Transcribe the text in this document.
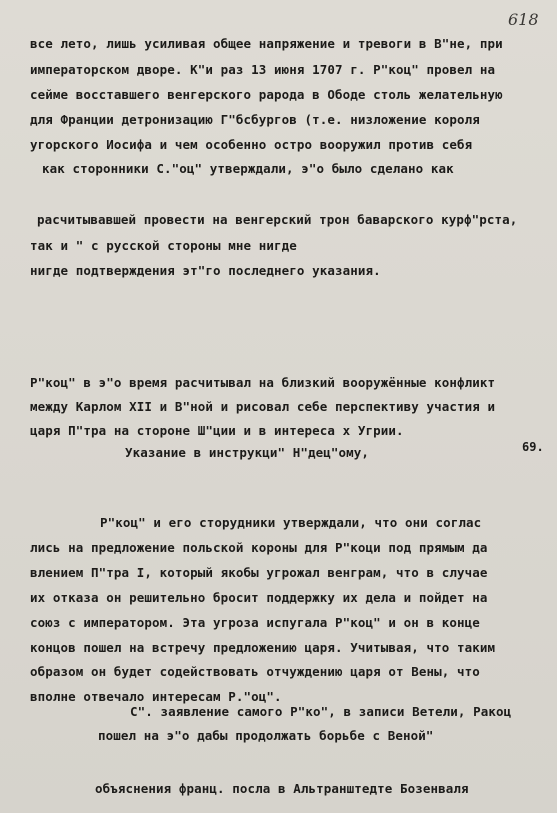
618
все лето, лишь усиливая общее напряжение и тревоги в В"не, при
императорском дворе. К"и раз 13 июня 1707 г. Р"коц" провел на
сейме восставшего венгерского рарода в Ободе столь желательную
для Франции детронизацию Г"бсбургов (т.е. низложение короля
угорского Иосифа и чем особенно остро вооружил против себя
как сторонники С."оц" утверждали, э"о было сделано как
расчитывавшей провести на венгерский трон баварского курф"рста,
так и " с русской стороны мне нигде
нигде подтверждения эт"го последнего указания.
Р"коц" в э"о время расчитывал на близкий вооружённые конфликт
между Карлом XII и В"ной и рисовал себе перспективу участия и
царя П"тра на стороне Ш"ции и в интереса х Угрии.
Указание в инструкци" Н"дец"ому,	69.
Р"коц" и его сторудники утверждали, что они соглас
лись на предложение польской короны для Р"коци под прямым да
влением П"тра I, который якобы угрожал венграм, что в случае
их отказа он решительно бросит поддержку их дела и пойдет на
союз с императором. Эта угроза испугала Р"коц" и он в конце
концов пошел на встречу предложению царя. Учитывая, что таким
образом он будет содействовать отчуждению царя от Вены, что
вполне отвечало интересам Р."оц".
С". заявление самого Р"ко", в записи Ветели, Ракоц
пошел на э"о дабы продолжать борьбе с Веной"
объяснения франц. посла в Альтранштедте Бозенваля
